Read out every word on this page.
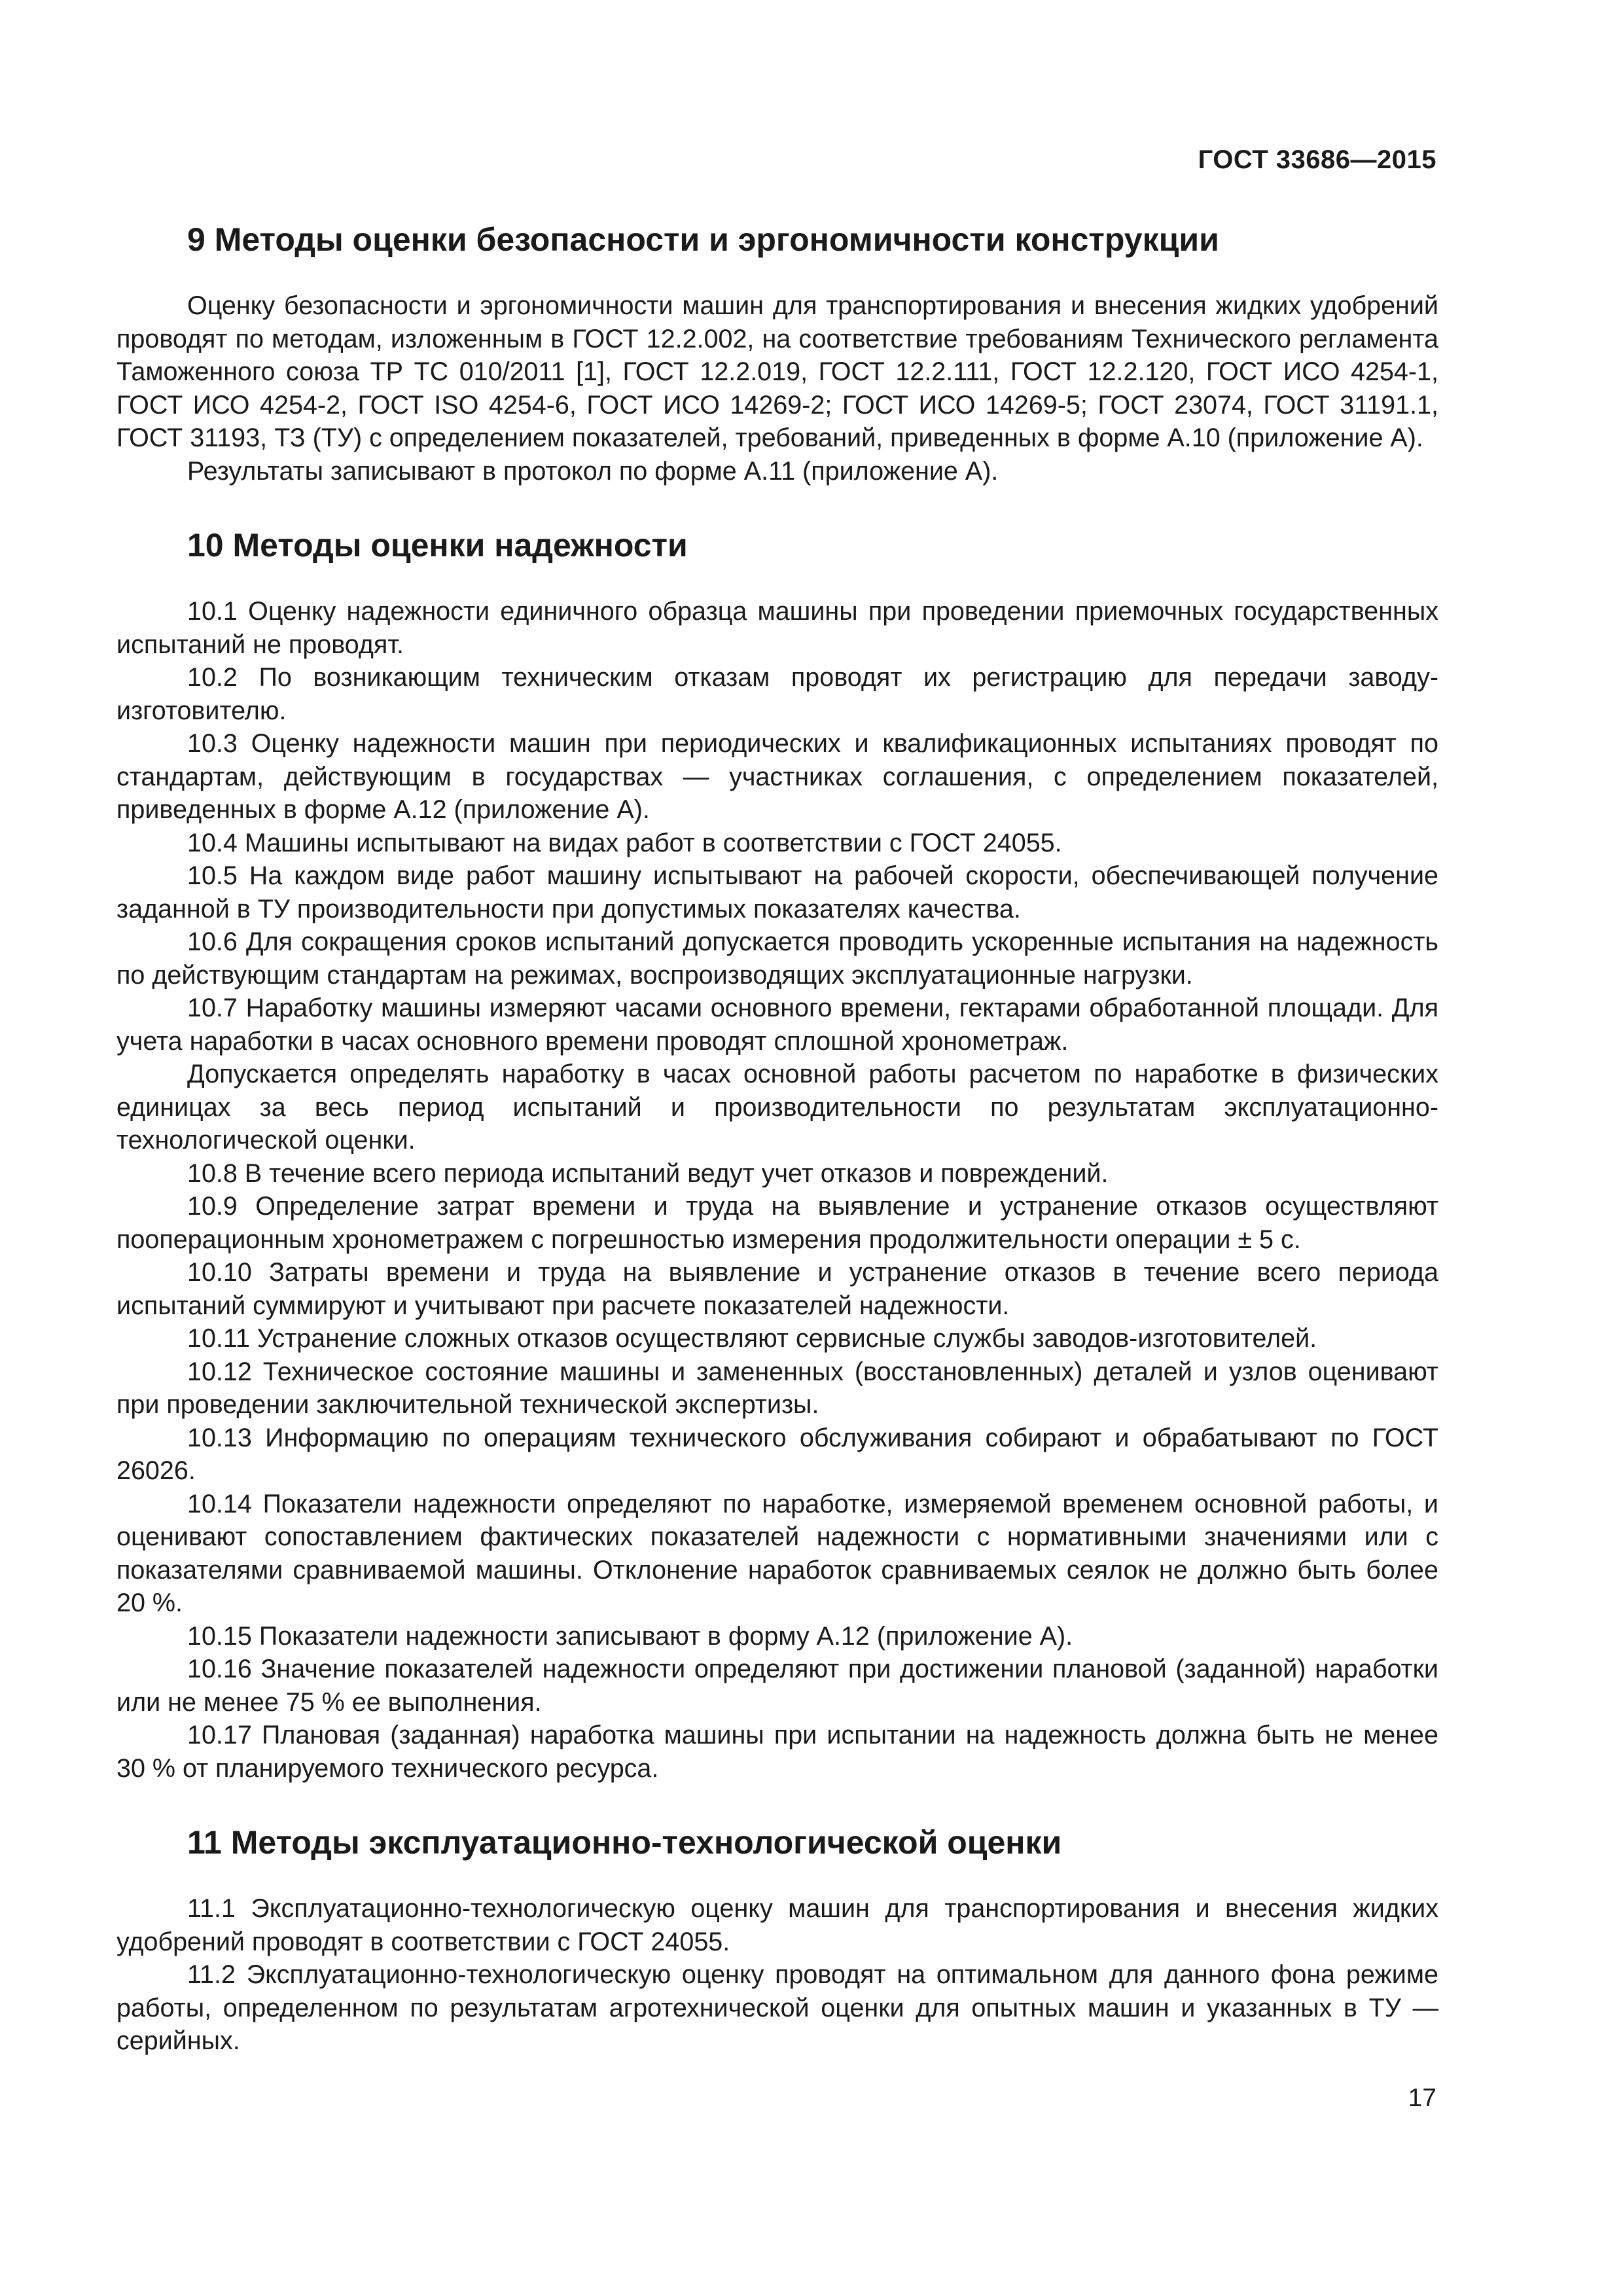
ГОСТ 33686—2015
9 Методы оценки безопасности и эргономичности конструкции

Оценку безопасности и эргономичности машин для транспортирования и внесения жидких удобрений проводят по методам, изложенным в ГОСТ 12.2.002, на соответствие требованиям Технического регламента Таможенного союза ТР ТС 010/2011 [1], ГОСТ 12.2.019, ГОСТ 12.2.111, ГОСТ 12.2.120, ГОСТ ИСО 4254-1, ГОСТ ИСО 4254-2, ГОСТ ISO 4254-6, ГОСТ ИСО 14269-2; ГОСТ ИСО 14269-5; ГОСТ 23074, ГОСТ 31191.1, ГОСТ 31193, ТЗ (ТУ) с определением показателей, требований, приведенных в форме А.10 (приложение А).

Результаты записывают в протокол по форме А.11 (приложение А).

10 Методы оценки надежности

10.1 Оценку надежности единичного образца машины при проведении приемочных государственных испытаний не проводят.

10.2 По возникающим техническим отказам проводят их регистрацию для передачи заводу-изготовителю.

10.3 Оценку надежности машин при периодических и квалификационных испытаниях проводят по стандартам, действующим в государствах — участниках соглашения, с определением показателей, приведенных в форме А.12 (приложение А).

10.4 Машины испытывают на видах работ в соответствии с ГОСТ 24055.

10.5 На каждом виде работ машину испытывают на рабочей скорости, обеспечивающей получение заданной в ТУ производительности при допустимых показателях качества.

10.6 Для сокращения сроков испытаний допускается проводить ускоренные испытания на надежность по действующим стандартам на режимах, воспроизводящих эксплуатационные нагрузки.

10.7 Наработку машины измеряют часами основного времени, гектарами обработанной площади. Для учета наработки в часах основного времени проводят сплошной хронометраж.

Допускается определять наработку в часах основной работы расчетом по наработке в физических единицах за весь период испытаний и производительности по результатам эксплуатационно-технологической оценки.

10.8 В течение всего периода испытаний ведут учет отказов и повреждений.

10.9 Определение затрат времени и труда на выявление и устранение отказов осуществляют пооперационным хронометражем с погрешностью измерения продолжительности операции ± 5 с.

10.10 Затраты времени и труда на выявление и устранение отказов в течение всего периода испытаний суммируют и учитывают при расчете показателей надежности.

10.11 Устранение сложных отказов осуществляют сервисные службы заводов-изготовителей.

10.12 Техническое состояние машины и замененных (восстановленных) деталей и узлов оценивают при проведении заключительной технической экспертизы.

10.13 Информацию по операциям технического обслуживания собирают и обрабатывают по ГОСТ 26026.

10.14 Показатели надежности определяют по наработке, измеряемой временем основной работы, и оценивают сопоставлением фактических показателей надежности с нормативными значениями или с показателями сравниваемой машины. Отклонение наработок сравниваемых сеялок не должно быть более 20 %.

10.15 Показатели надежности записывают в форму А.12 (приложение А).

10.16 Значение показателей надежности определяют при достижении плановой (заданной) наработки или не менее 75 % ее выполнения.

10.17 Плановая (заданная) наработка машины при испытании на надежность должна быть не менее 30 % от планируемого технического ресурса.

11 Методы эксплуатационно-технологической оценки

11.1 Эксплуатационно-технологическую оценку машин для транспортирования и внесения жидких удобрений проводят в соответствии с ГОСТ 24055.

11.2 Эксплуатационно-технологическую оценку проводят на оптимальном для данного фона режиме работы, определенном по результатам агротехнической оценки для опытных машин и указанных в ТУ — серийных.

17
